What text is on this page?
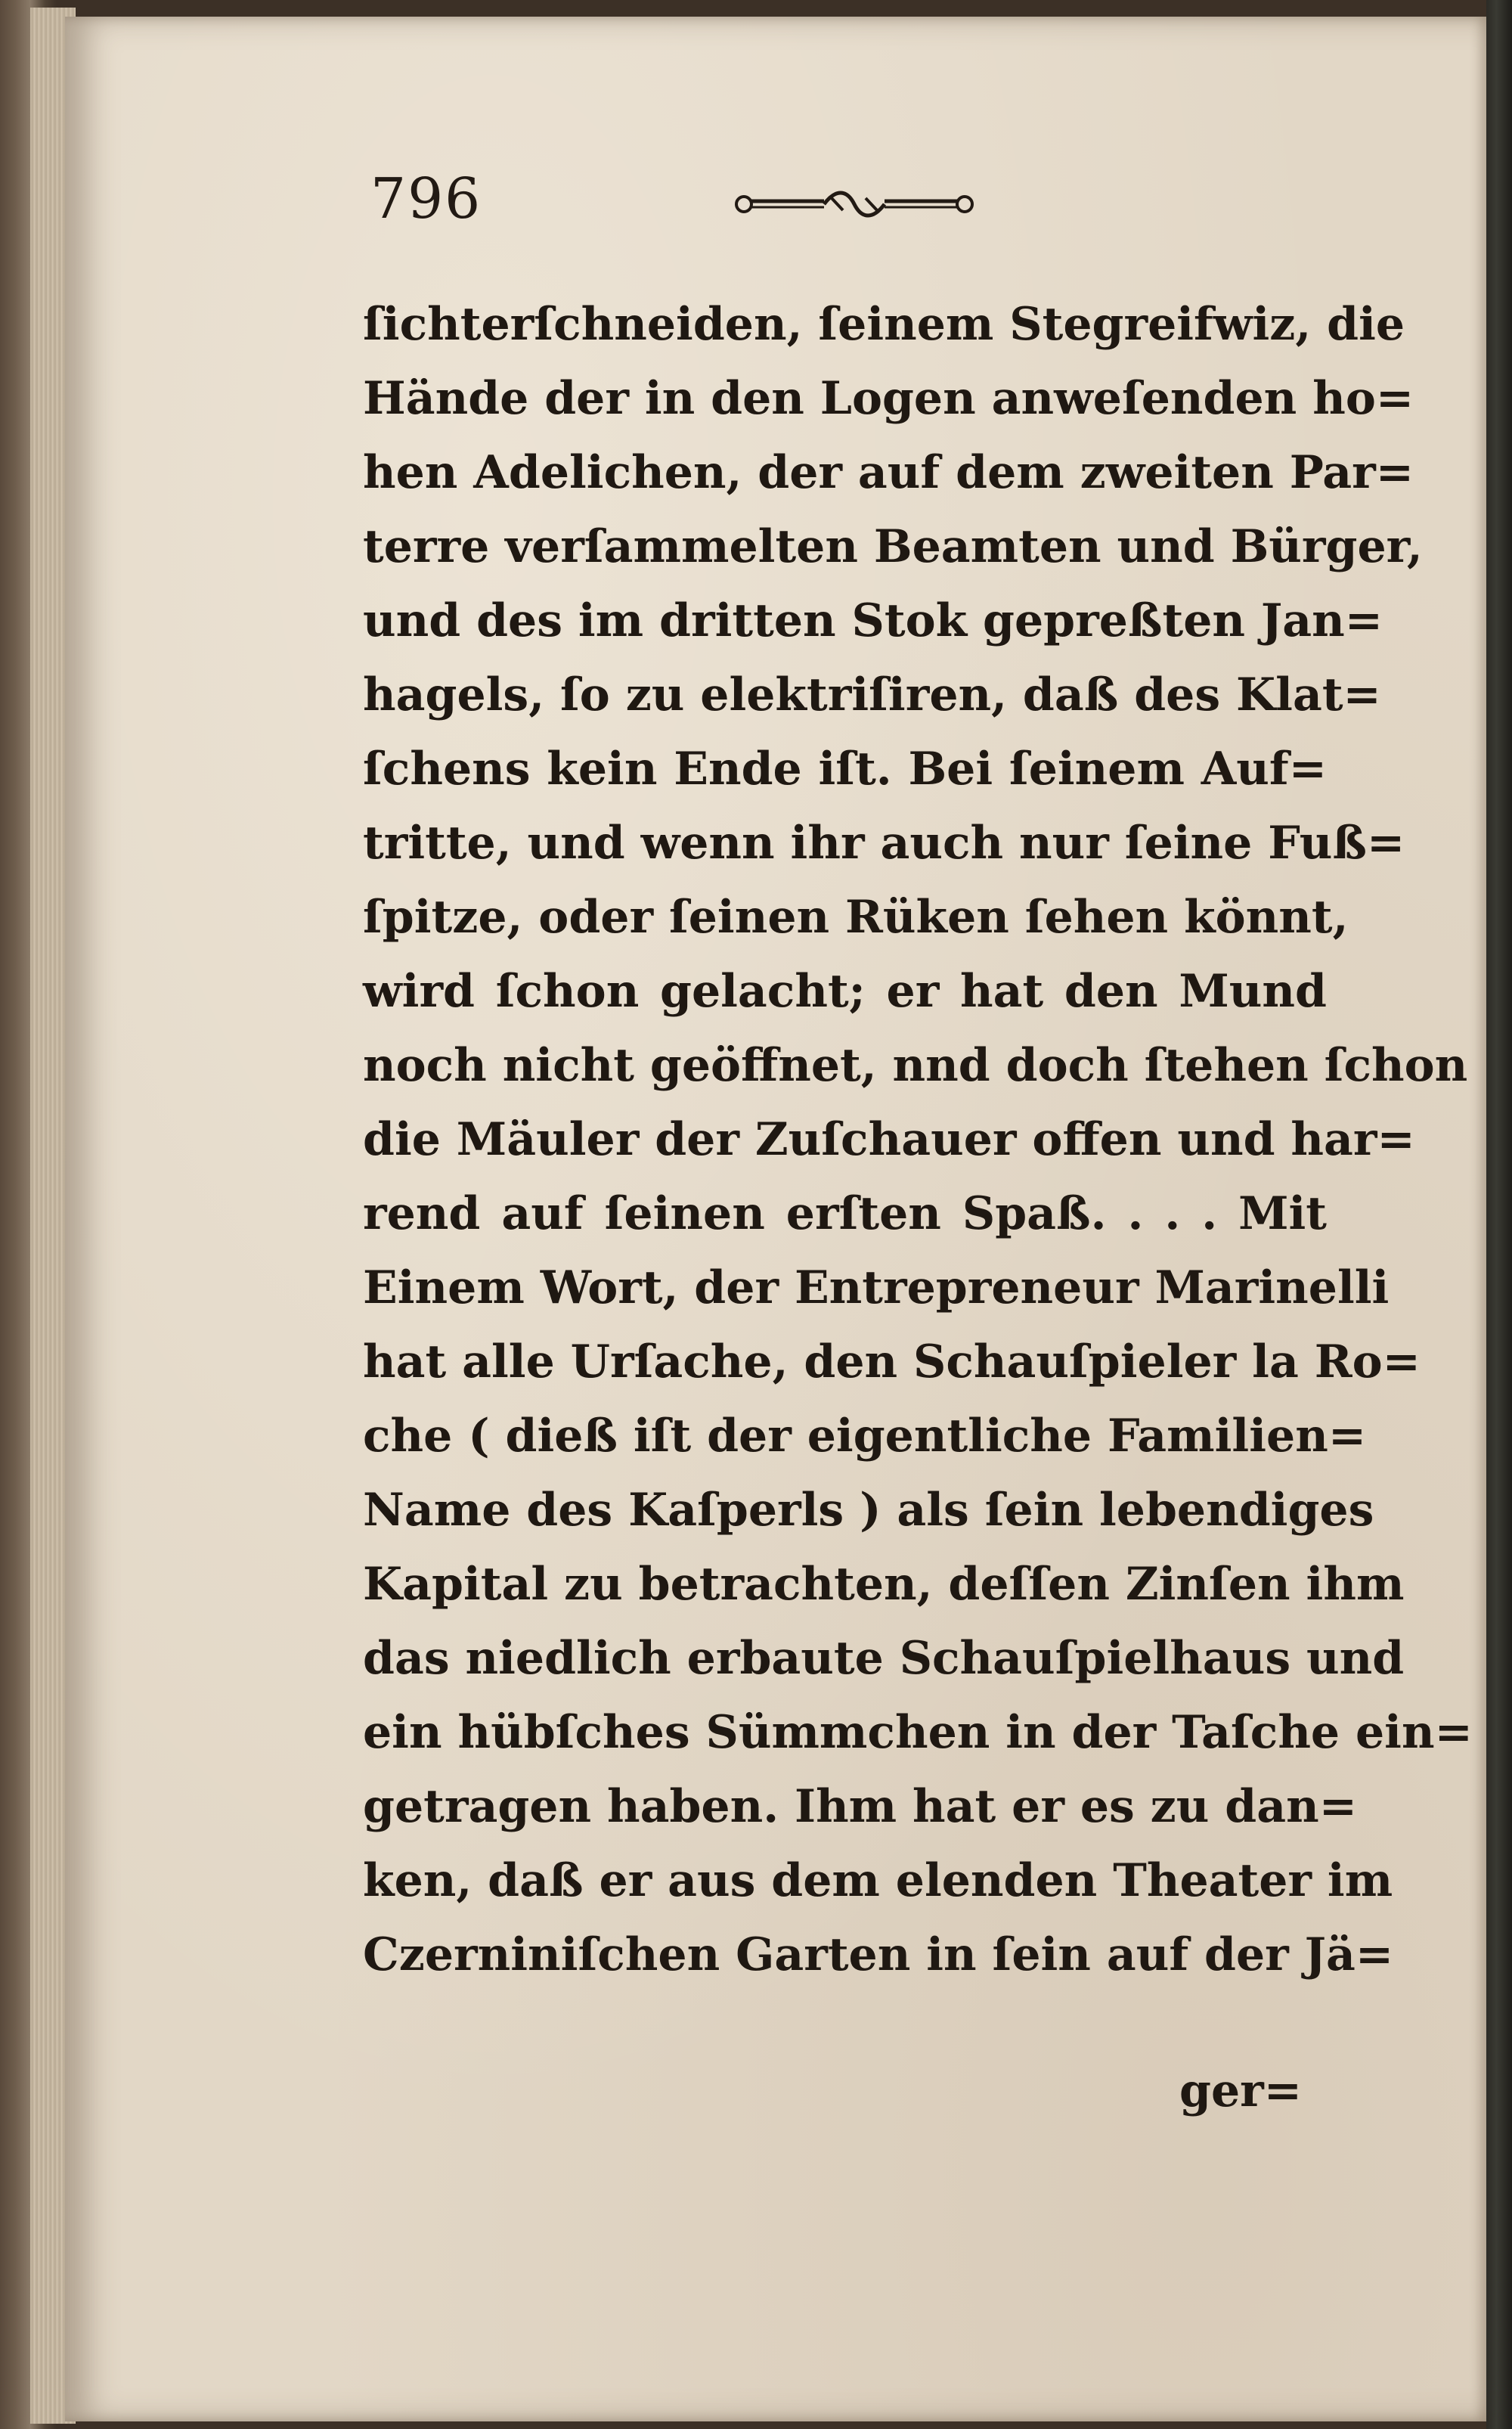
796
ſichterſchneiden, ſeinem Stegreifwiz, die
Hände der in den Logen anweſenden ho=
hen Adelichen, der auf dem zweiten Par=
terre verſammelten Beamten und Bürger,
und des im dritten Stok gepreßten Jan=
hagels, ſo zu elektriſiren, daß des Klat=
ſchens kein Ende iſt. Bei ſeinem Auf=
tritte, und wenn ihr auch nur ſeine Fuß=
ſpitze, oder ſeinen Rüken ſehen könnt,
wird ſchon gelacht; er hat den Mund
noch nicht geöffnet, nnd doch ſtehen ſchon
die Mäuler der Zuſchauer offen und har=
rend auf ſeinen erſten Spaß. . . . Mit
Einem Wort, der Entrepreneur Marinelli
hat alle Urſache, den Schauſpieler la Ro=
che ( dieß iſt der eigentliche Familien=
Name des Kaſperls ) als ſein lebendiges
Kapital zu betrachten, deſſen Zinſen ihm
das niedlich erbaute Schauſpielhaus und
ein hübſches Sümmchen in der Taſche ein=
getragen haben. Ihm hat er es zu dan=
ken, daß er aus dem elenden Theater im
Czerniniſchen Garten in ſein auf der Jä=
ger=
